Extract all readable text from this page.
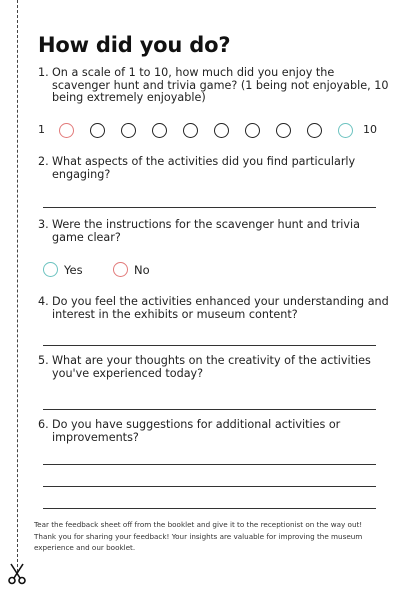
How did you do?
1. On a scale of 1 to 10, how much did you enjoy the scavenger hunt and trivia game? (1 being not enjoyable, 10 being extremely enjoyable)
1	10
2. What aspects of the activities did you find particularly engaging?
3. Were the instructions for the scavenger hunt and trivia game clear?
Yes	No
4. Do you feel the activities enhanced your understanding and interest in the exhibits or museum content?
5. What are your thoughts on the creativity of the activities you've experienced today?
6. Do you have suggestions for additional activities or improvements?
Tear the feedback sheet off from the booklet and give it to the receptionist on the way out!
Thank you for sharing your feedback! Your insights are valuable for improving the museum experience and our booklet.
